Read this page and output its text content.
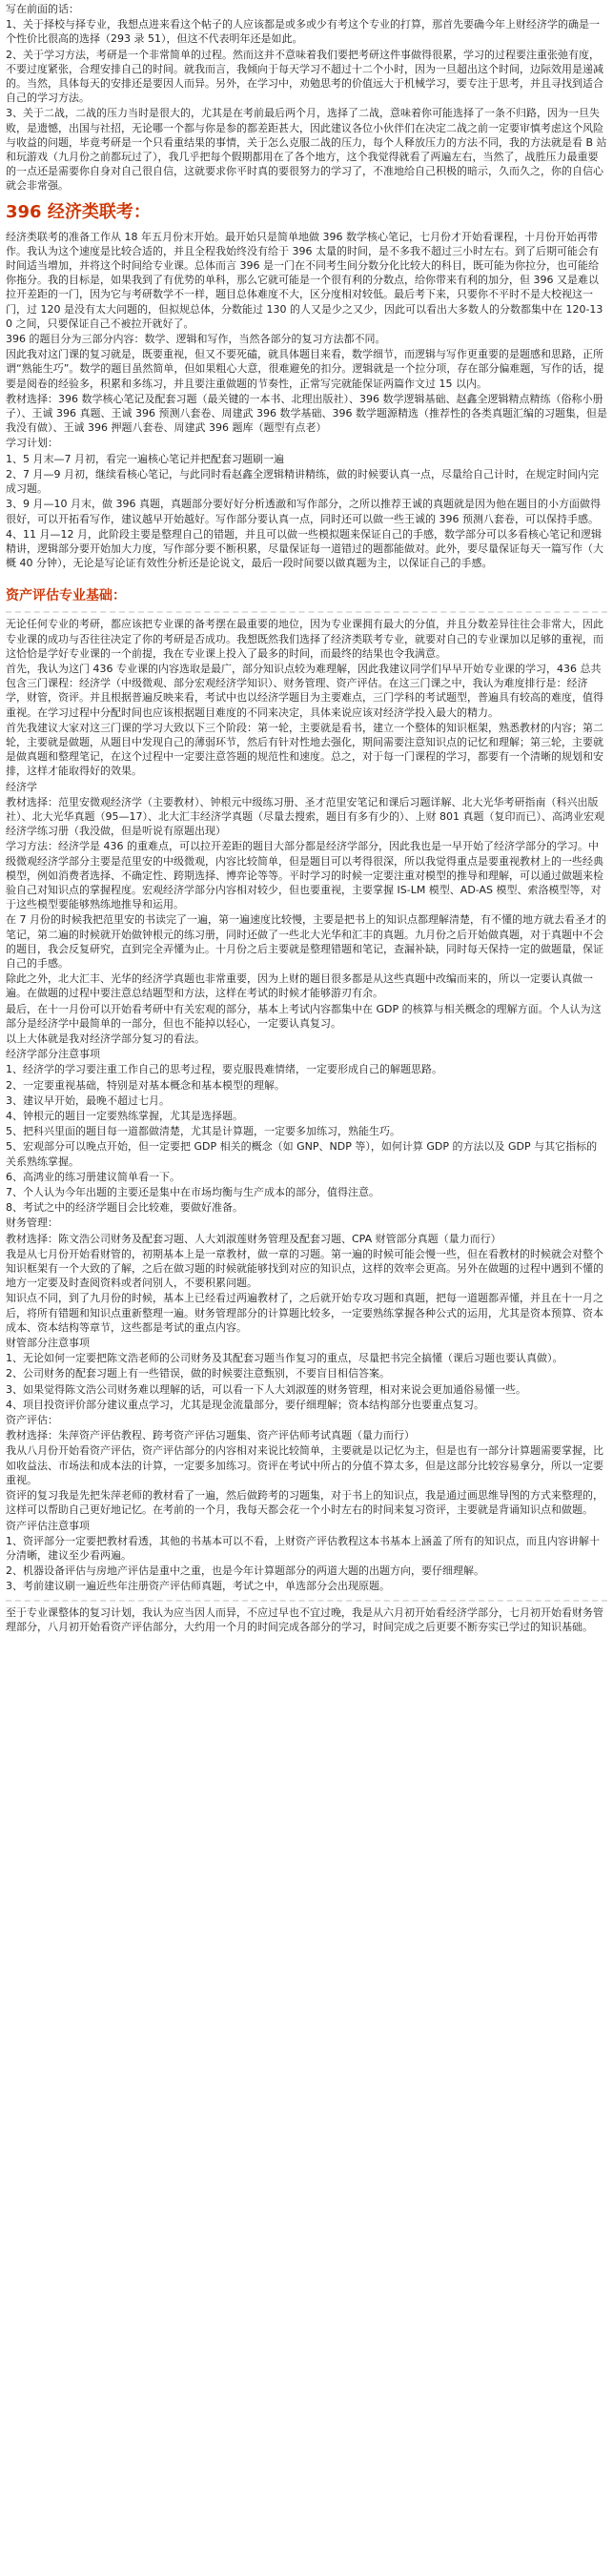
写在前面的话：

1、关于择校与择专业，我想点进来看这个帖子的人应该都是或多或少有考这个专业的打算，那首先要确今年上财经济学的确是一个性价比很高的选择（293 录 51），但这不代表明年还是如此。

2、关于学习方法，考研是一个非常简单的过程。然而这并不意味着我们要把考研这件事做得很累，学习的过程要注重张弛有度，不要过度紧张，合理安排自己的时间。就我而言，我倾向于每天学习不超过十二个小时，因为一旦超出这个时间，边际效用是递减的。当然，具体每天的安排还是要因人而异。另外，在学习中，劝勉思考的价值远大于机械学习，要专注于思考，并且寻找到适合自己的学习方法。

3、关于二战，二战的压力当时是很大的，尤其是在考前最后两个月，选择了二战，意味着你可能选择了一条不归路，因为一旦失败，是遗憾，出国与社招，无论哪一个都与你是参的都差距甚大，因此建议各位小伙伴们在决定二战之前一定要审慎考虑这个风险与收益的问题，毕竟考研是一个只看重结果的事情，关于怎么克服二战的压力，每个人释放压力的方法不同，我的方法就是看 B 站和玩游戏（九月份之前都玩过了），我几乎把每个假期都用在了各个地方，这个我觉得就看了两遍左右，当然了，战胜压力最重要的一点还是需要你自身对自己很自信，这就要求你平时真的要很努力的学习了，不准地给自己积极的暗示，久而久之，你的自信心就会非常强。

396 经济类联考：

经济类联考的准备工作从 18 年五月份末开始。最开始只是简单地做 396 数学核心笔记，七月份才开始看课程，十月份开始再带作。我认为这个速度是比较合适的，并且全程我始终没有给于 396 太量的时间，是不多我不超过三小时左右。到了后期可能会有时间适当增加，并将这个时间给专业课。总体而言 396 是一门在不同考生间分数分化比较大的科目，既可能为你拉分，也可能给你拖分。我的目标是，如果我到了有优势的单科，那么它就可能是一个很有利的分数点，给你带来有利的加分，但 396 又是难以拉开差距的一门，因为它与考研数学不一样，题目总体难度不大，区分度相对较低。最后考下来，只要你不平时不是大校视这一门，过 120 是没有太大问题的，但拟规总体，分数能过 130 的人又是少之又少，因此可以看出大多数人的分数都集中在 120-130 之间，只要保证自己不被拉开就好了。

396 的题目分为三部分内容：数学、逻辑和写作，当然各部分的复习方法都不同。

因此我对这门课的复习就是，既要重视，但又不要死磕，就具体题目来看，数学细节，而逻辑与写作更重要的是题感和思路，正所谓“熟能生巧”。数学的题目虽然简单，但如果粗心大意，很难避免的扣分。逻辑就是一个拉分项，存在部分偏难题，写作的话，提要是阅卷的经验多，积累和多练习，并且要注重做题的节奏性，正常写完就能保证两篇作文过 15 以内。

教材选择：396 数学核心笔记及配套习题（最关键的一本书、北理出版社）、396 数学逻辑基础、赵鑫全逻辑精点精练（俗称小册子）、王诚 396 真题、王诚 396 预测八套卷、周建武 396 数学基础、396 数学题源精选（推荐性的各类真题汇编的习题集，但是我没有做）、王诚 396 押题八套卷、周建武 396 题库（题型有点老）

学习计划：

1、5 月末—7 月初，看完一遍核心笔记并把配套习题刷一遍

2、7 月—9 月初，继续看核心笔记，与此同时看赵鑫全逻辑精讲精练，做的时候要认真一点，尽量给自己计时，在规定时间内完成习题。

3、9 月—10 月末，做 396 真题，真题部分要好好分析透澈和写作部分，之所以推荐王诚的真题就是因为他在题目的小方面做得很好，可以开拓看写作，建议越早开始越好。写作部分要认真一点，同时还可以做一些王诚的 396 预测八套卷，可以保持手感。

4、11 月—12 月，此阶段主要是整理自己的错题，并且可以做一些模拟题来保证自己的手感，数学部分可以多看核心笔记和逻辑精讲，逻辑部分要开始加大力度，写作部分要不断积累，尽量保证每一道错过的题都能做对。此外，要尽量保证每天一篇写作（大概 40 分钟），无论是写论证有效性分析还是论说文，最后一段时间要以做真题为主，以保证自己的手感。

资产评估专业基础：

无论任何专业的考研，都应该把专业课的备考摆在最重要的地位，因为专业课拥有最大的分值，并且分数差异往往会非常大，因此专业课的成功与否往往决定了你的考研是否成功。我想既然我们选择了经济类联考专业，就要对自己的专业课加以足够的重视，而这恰恰是学好专业课的一个前提，我在专业课上投入了最多的时间，而最终的结果也令我满意。

首先，我认为这门 436 专业课的内容选取是最广，部分知识点较为难理解，因此我建议同学们早早开始专业课的学习，436 总共包含三门课程：经济学（中级微观、部分宏观经济学知识）、财务管理、资产评估。在这三门课之中，我认为难度排行是：经济学，财管，资评。并且根据普遍反映来看，考试中也以经济学题目为主要难点，三门学科的考试题型，普遍具有较高的难度，值得重视。在学习过程中分配时间也应该根据题目难度的不同来决定，具体来说应该对经济学投入最大的精力。

首先我建议大家对这三门课的学习大致以下三个阶段：第一轮，主要就是看书，建立一个整体的知识框架，熟悉教材的内容；第二轮，主要就是做题，从题目中发现自己的薄弱环节，然后有针对性地去强化，期间需要注意知识点的记忆和理解；第三轮，主要就是做真题和整理笔记，在这个过程中一定要注意答题的规范性和速度。总之，对于每一门课程的学习，都要有一个清晰的规划和安排，这样才能取得好的效果。

经济学

教材选择：范里安微观经济学（主要教材）、钟根元中级练习册、圣才范里安笔记和课后习题详解、北大光华考研指南（科兴出版社）、北大光华真题（95—17）、北大汇丰经济学真题（尽量去搜索，题目有多有少的）、上财 801 真题（复印而已）、高鸿业宏观经济学练习册（我没做，但是听说有原题出现）

学习方法：经济学是 436 的重难点，可以拉开差距的题目大部分都是经济学部分，因此我也是一早开始了经济学部分的学习。中级微观经济学部分主要是范里安的中级微观，内容比较简单，但是题目可以考得很深，所以我觉得重点是要重视教材上的一些经典模型，例如消费者选择、不确定性、跨期选择、博弈论等等。平时学习的时候一定要注重对模型的推导和理解，可以通过做题来检验自己对知识点的掌握程度。宏观经济学部分内容相对较少，但也要重视，主要掌握 IS-LM 模型、AD-AS 模型、索洛模型等，对于这些模型要能够熟练地推导和运用。

在 7 月份的时候我把范里安的书读完了一遍，第一遍速度比较慢，主要是把书上的知识点都理解清楚，有不懂的地方就去看圣才的笔记，第二遍的时候就开始做钟根元的练习册，同时还做了一些北大光华和汇丰的真题。九月份之后开始做真题，对于真题中不会的题目，我会反复研究，直到完全弄懂为止。十月份之后主要就是整理错题和笔记，查漏补缺，同时每天保持一定的做题量，保证自己的手感。

除此之外，北大汇丰、光华的经济学真题也非常重要，因为上财的题目很多都是从这些真题中改编而来的，所以一定要认真做一遍。在做题的过程中要注意总结题型和方法，这样在考试的时候才能够游刃有余。

最后，在十一月份可以开始看考研中有关宏观的部分，基本上考试内容都集中在 GDP 的核算与相关概念的理解方面。个人认为这部分是经济学中最简单的一部分，但也不能掉以轻心，一定要认真复习。

以上大体就是我对经济学部分复习的看法。

经济学部分注意事项

1、经济学的学习要注重工作自己的思考过程，要克服畏难情绪，一定要形成自己的解题思路。

2、一定要重视基础，特别是对基本概念和基本模型的理解。

3、建议早开始，最晚不超过七月。

4、钟根元的题目一定要熟练掌握，尤其是选择题。

5、把科兴里面的题目每一道都做清楚，尤其是计算题，一定要多加练习，熟能生巧。

5、宏观部分可以晚点开始，但一定要把 GDP 相关的概念（如 GNP、NDP 等），如何计算 GDP 的方法以及 GDP 与其它指标的关系熟练掌握。

6、高鸿业的练习册建议简单看一下。

7、个人认为今年出题的主要还是集中在市场均衡与生产成本的部分，值得注意。

8、考试之中的经济学题目会比较难，要做好准备。

财务管理：

教材选择：陈文浩公司财务及配套习题、人大刘淑莲财务管理及配套习题、CPA 财管部分真题（量力而行）

我是从七月份开始看财管的，初期基本上是一章教材，做一章的习题。第一遍的时候可能会慢一些，但在看教材的时候就会对整个知识框架有一个大致的了解，之后在做习题的时候就能够找到对应的知识点，这样的效率会更高。另外在做题的过程中遇到不懂的地方一定要及时查阅资料或者问别人，不要积累问题。

知识点不同，到了九月份的时候，基本上已经看过两遍教材了，之后就开始专攻习题和真题，把每一道题都弄懂，并且在十一月之后，将所有错题和知识点重新整理一遍。财务管理部分的计算题比较多，一定要熟练掌握各种公式的运用，尤其是资本预算、资本成本、资本结构等章节，这些都是考试的重点内容。

财管部分注意事项

1、无论如何一定要把陈文浩老师的公司财务及其配套习题当作复习的重点，尽量把书完全搞懂（课后习题也要认真做）。

2、公司财务的配套习题上有一些错误，做的时候要注意甄别，不要盲目相信答案。

3、如果觉得陈文浩公司财务难以理解的话，可以看一下人大刘淑莲的财务管理，相对来说会更加通俗易懂一些。

4、项目投资评价部分建议重点学习，尤其是现金流量部分，要仔细理解；资本结构部分也要重点复习。

资产评估：

教材选择：朱萍资产评估教程、跨考资产评估习题集、资产评估师考试真题（量力而行）

我从八月份开始看资产评估，资产评估部分的内容相对来说比较简单，主要就是以记忆为主，但是也有一部分计算题需要掌握，比如收益法、市场法和成本法的计算，一定要多加练习。资评在考试中所占的分值不算太多，但是这部分比较容易拿分，所以一定要重视。

资评的复习我是先把朱萍老师的教材看了一遍，然后做跨考的习题集，对于书上的知识点，我是通过画思维导图的方式来整理的，这样可以帮助自己更好地记忆。在考前的一个月，我每天都会花一个小时左右的时间来复习资评，主要就是背诵知识点和做题。

资产评估注意事项

1、资评部分一定要把教材看透，其他的书基本可以不看，上财资产评估教程这本书基本上涵盖了所有的知识点，而且内容讲解十分清晰，建议至少看两遍。

2、机器设备评估与房地产评估是重中之重，也是今年计算题部分的两道大题的出题方向，要仔细理解。

3、考前建议刷一遍近些年注册资产评估师真题，考试之中，单选部分会出现原题。

至于专业课整体的复习计划，我认为应当因人而异，不应过早也不宜过晚，我是从六月初开始看经济学部分，七月初开始看财务管理部分，八月初开始看资产评估部分，大约用一个月的时间完成各部分的学习，时间完成之后更要不断夯实已学过的知识基础。
